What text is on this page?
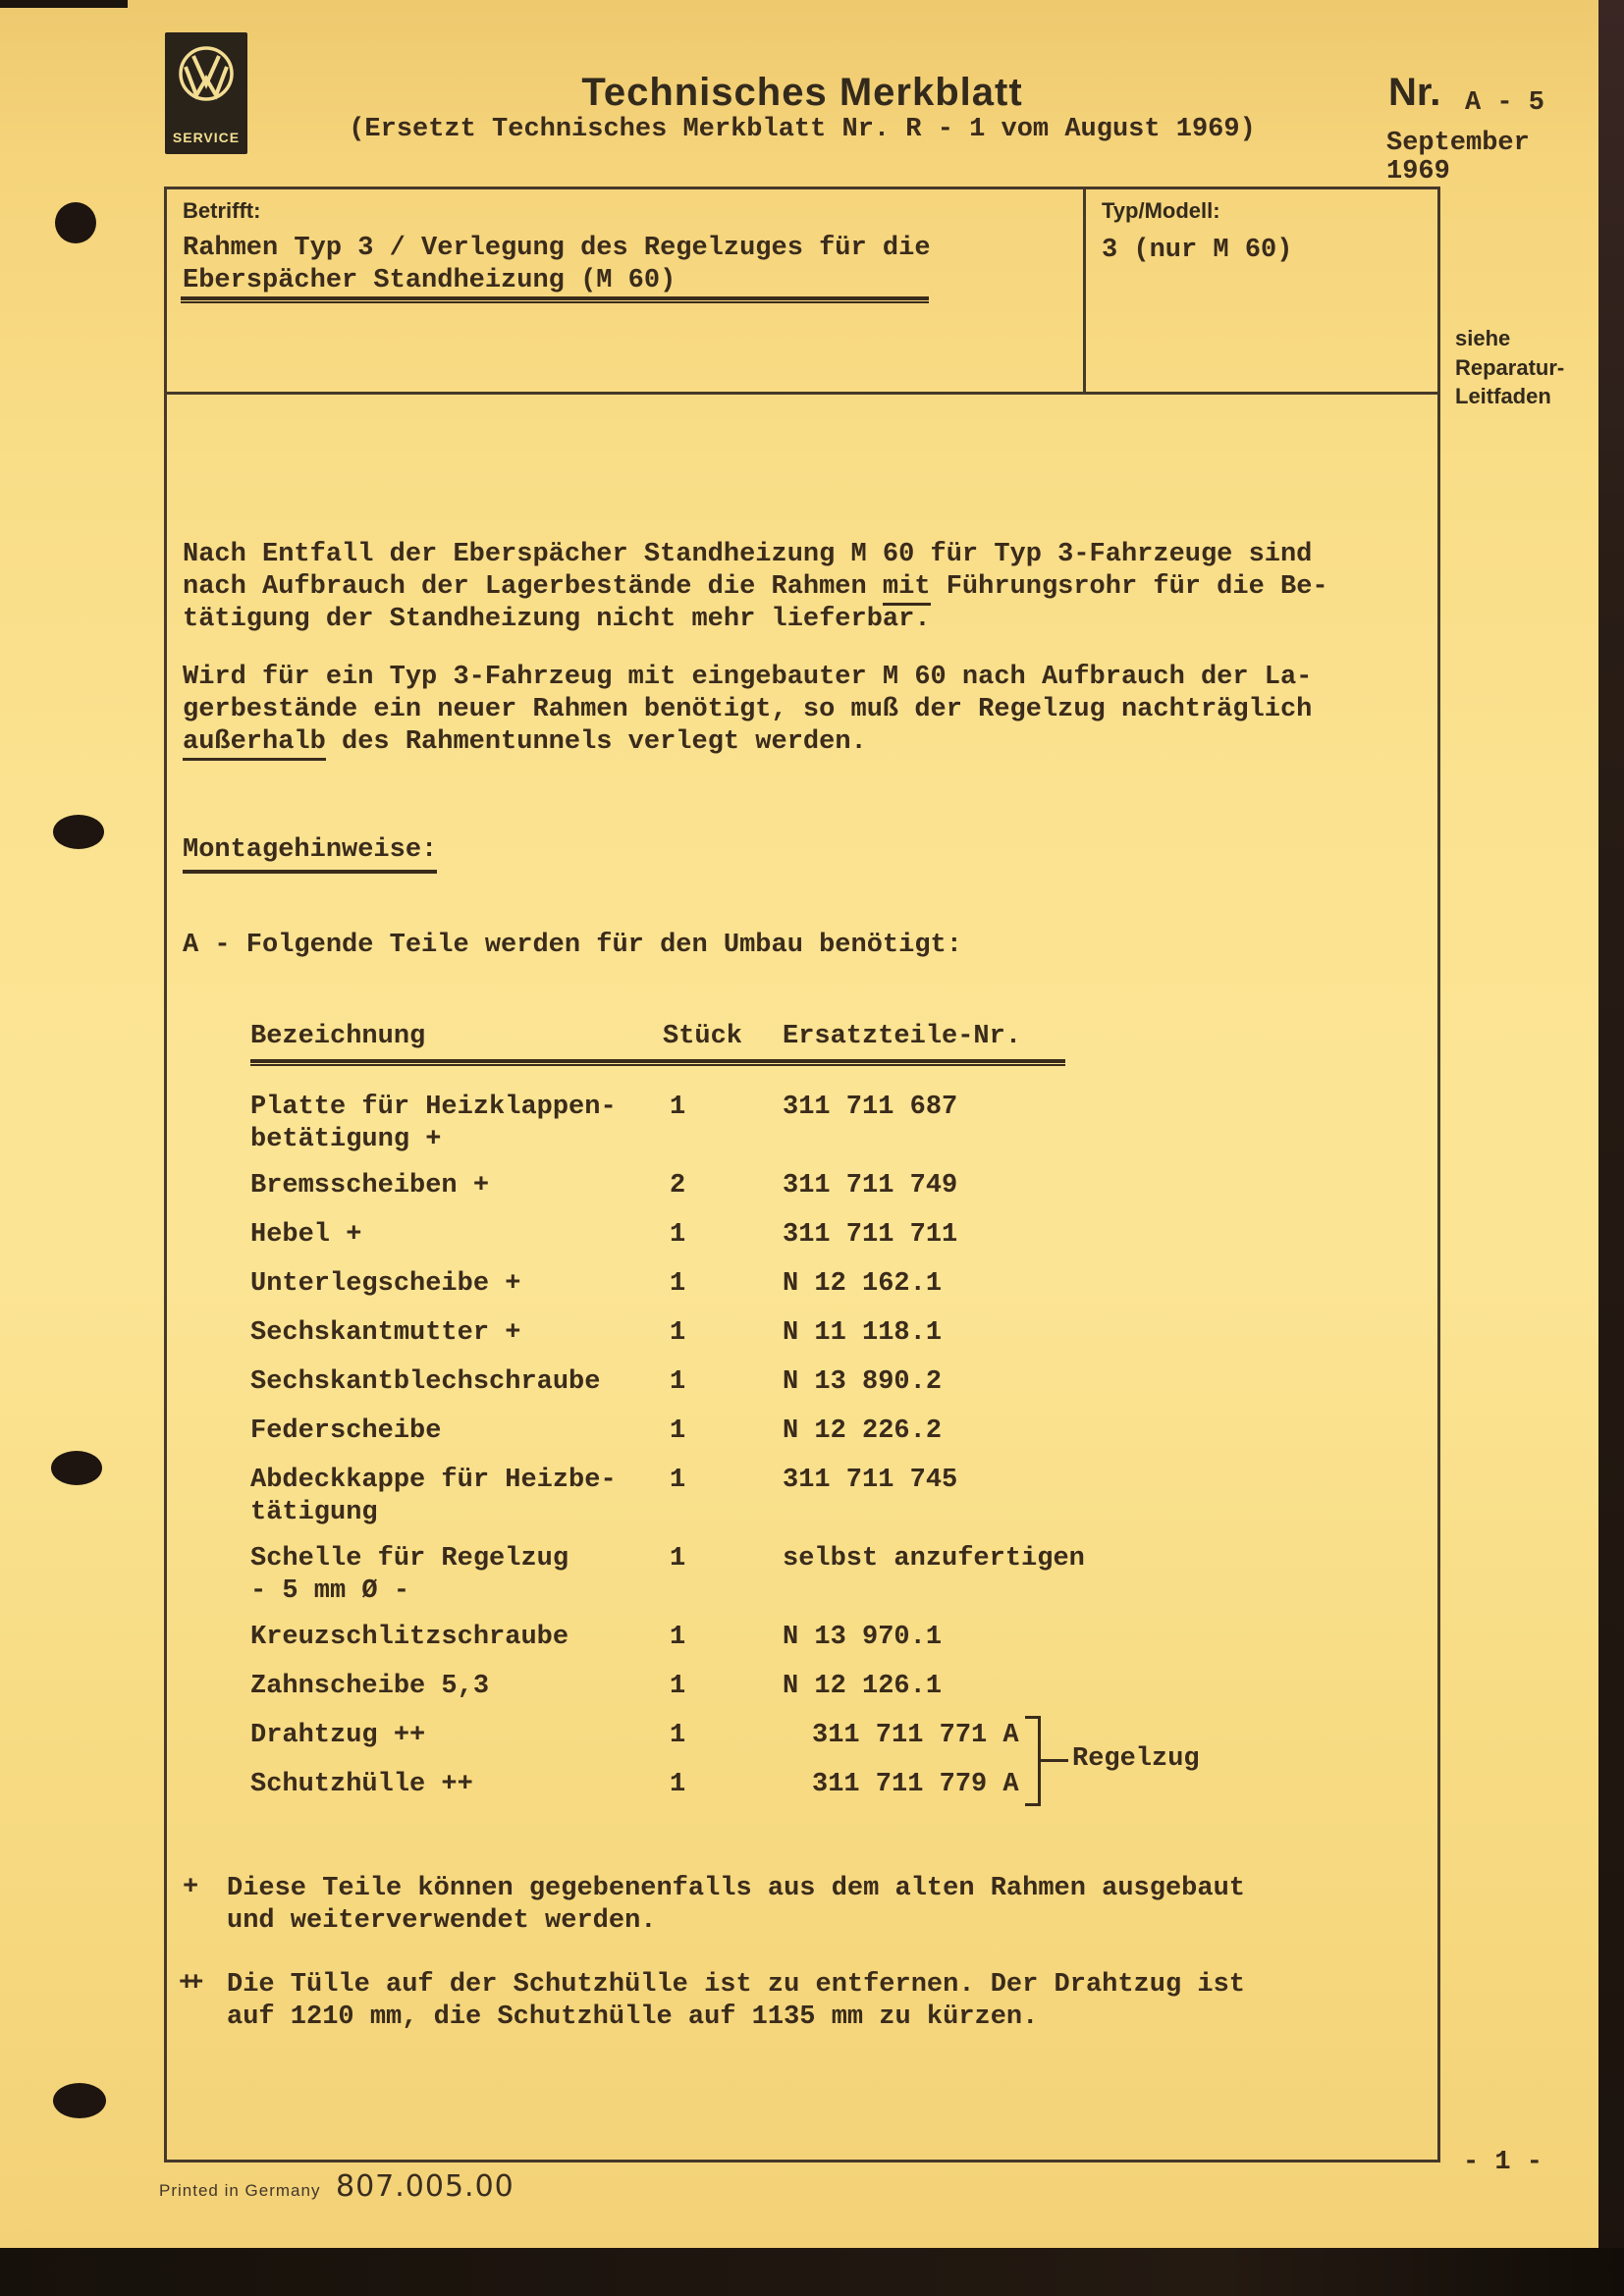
SERVICE
Technisches Merkblatt
(Ersetzt Technisches Merkblatt Nr. R - 1 vom August 1969)
Nr. A - 5
September
1969
Betrifft:
Rahmen Typ 3 / Verlegung des Regelzuges für die
Eberspächer Standheizung (M 60)
Typ/Modell:
3 (nur M 60)
siehe
Reparatur-
Leitfaden
Nach Entfall der Eberspächer Standheizung M 60 für Typ 3-Fahrzeuge sind
nach Aufbrauch der Lagerbestände die Rahmen mit Führungsrohr für die Be-
tätigung der Standheizung nicht mehr lieferbar.
Wird für ein Typ 3-Fahrzeug mit eingebauter M 60 nach Aufbrauch der La-
gerbestände ein neuer Rahmen benötigt, so muß der Regelzug nachträglich
außerhalb des Rahmentunnels verlegt werden.
Montagehinweise:
A - Folgende Teile werden für den Umbau benötigt:
Bezeichnung	Stück Ersatzteile-Nr.
Platte für Heizklappen-
betätigung +
1	311 711 687
Bremsscheiben +	2	311 711 749
Hebel +	1	311 711 711
Unterlegscheibe +	1	N 12 162.1
Sechskantmutter +	1	N 11 118.1
Sechskantblechschraube	1	N 13 890.2
Federscheibe	1	N 12 226.2
Abdeckkappe für Heizbe-
tätigung
1	311 711 745
Schelle für Regelzug
- 5 mm Ø -
1	selbst anzufertigen
Kreuzschlitzschraube	1	N 13 970.1
Zahnscheibe 5,3	1	N 12 126.1
Drahtzug ++	1	311 711 771 A
Schutzhülle ++	1	311 711 779 A
Regelzug
+ Diese Teile können gegebenenfalls aus dem alten Rahmen ausgebaut
und weiterverwendet werden.
++ Die Tülle auf der Schutzhülle ist zu entfernen. Der Drahtzug ist
auf 1210 mm, die Schutzhülle auf 1135 mm zu kürzen.
Printed in Germany 807.005.00
- 1 -
